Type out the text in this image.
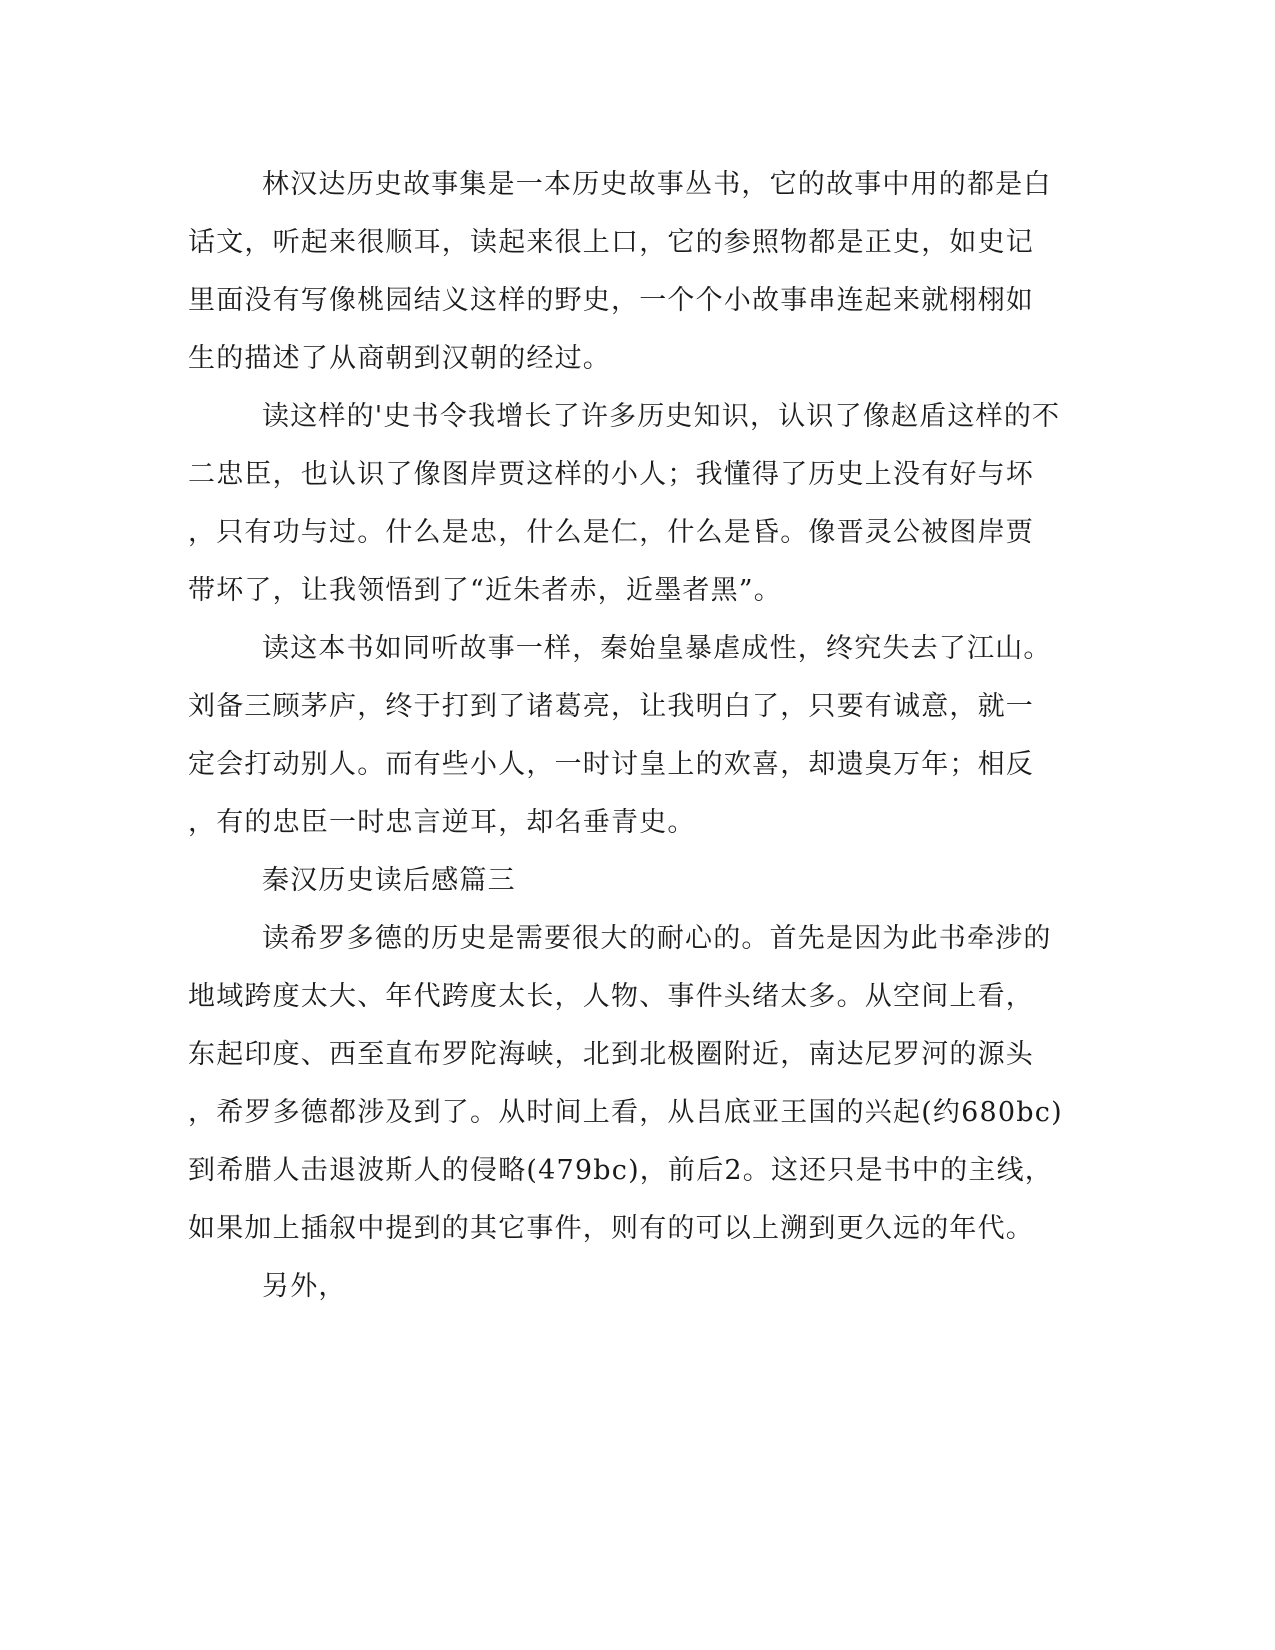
林汉达历史故事集是一本历史故事丛书，它的故事中用的都是白
话文，听起来很顺耳，读起来很上口，它的参照物都是正史，如史记
里面没有写像桃园结义这样的野史，一个个小故事串连起来就栩栩如
生的描述了从商朝到汉朝的经过。
读这样的'史书令我增长了许多历史知识，认识了像赵盾这样的不
二忠臣，也认识了像图岸贾这样的小人；我懂得了历史上没有好与坏
，只有功与过。什么是忠，什么是仁，什么是昏。像晋灵公被图岸贾
带坏了，让我领悟到了“近朱者赤，近墨者黑”。
读这本书如同听故事一样，秦始皇暴虐成性，终究失去了江山。
刘备三顾茅庐，终于打到了诸葛亮，让我明白了，只要有诚意，就一
定会打动别人。而有些小人，一时讨皇上的欢喜，却遗臭万年；相反
，有的忠臣一时忠言逆耳，却名垂青史。
秦汉历史读后感篇三
读希罗多德的历史是需要很大的耐心的。首先是因为此书牵涉的
地域跨度太大、年代跨度太长，人物、事件头绪太多。从空间上看，
东起印度、西至直布罗陀海峡，北到北极圈附近，南达尼罗河的源头
，希罗多德都涉及到了。从时间上看，从吕底亚王国的兴起(约680bc)
到希腊人击退波斯人的侵略(479bc)，前后2。这还只是书中的主线，
如果加上插叙中提到的其它事件，则有的可以上溯到更久远的年代。
另外，
